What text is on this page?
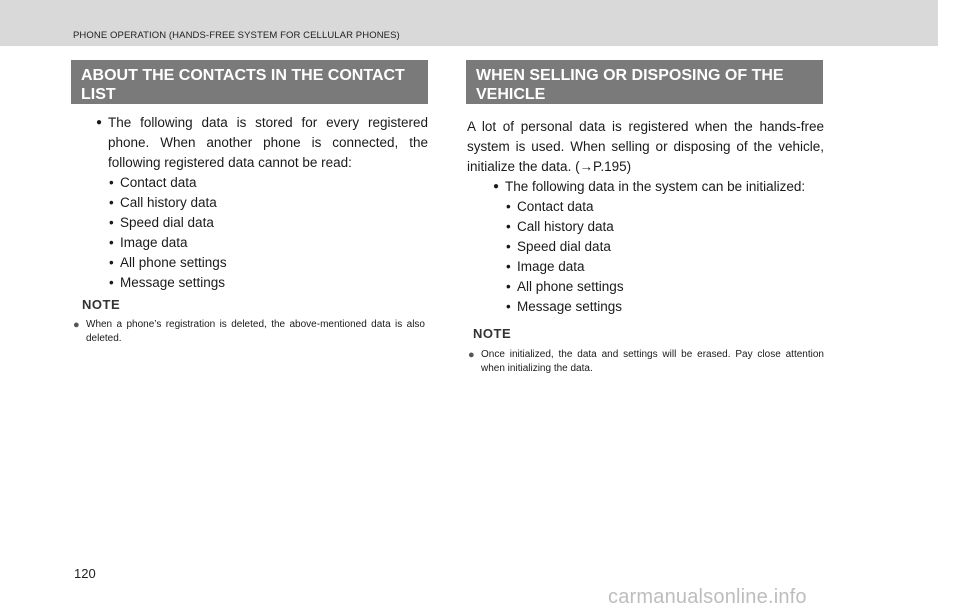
PHONE OPERATION (HANDS-FREE SYSTEM FOR CELLULAR PHONES)
ABOUT THE CONTACTS IN THE CONTACT
LIST
● The following data is stored for every registered phone. When another phone is connected, the following registered data cannot be read:
• Contact data
• Call history data
• Speed dial data
• Image data
• All phone settings
• Message settings
NOTE
● When a phone’s registration is deleted, the above-mentioned data is also deleted.
WHEN SELLING OR DISPOSING OF THE
VEHICLE
A lot of personal data is registered when the hands-free system is used. When selling or disposing of the vehicle, initialize the data. (→P.195)
● The following data in the system can be initialized:
• Contact data
• Call history data
• Speed dial data
• Image data
• All phone settings
• Message settings
NOTE
● Once initialized, the data and settings will be erased. Pay close attention when initializing the data.
120
carmanualsonline.info
